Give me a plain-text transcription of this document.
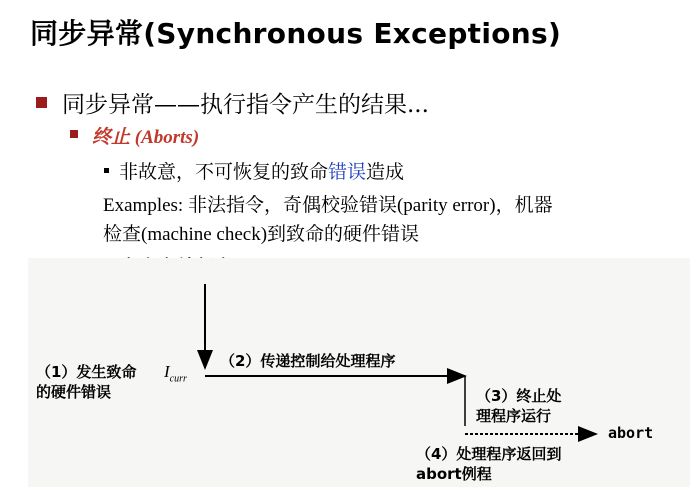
同步异常(Synchronous Exceptions)
同步异常——执行指令产生的结果...
终止 (Aborts)
非故意，不可恢复的致命错误造成
Examples: 非法指令，奇偶校验错误(parity error)，机器
检查(machine check)到致命的硬件错误
（1）发生致命
的硬件错误
$I_{curr}$
（2）传递控制给处理程序
（3）终止处
理程序运行
abort
（4）处理程序返回到
abort例程
